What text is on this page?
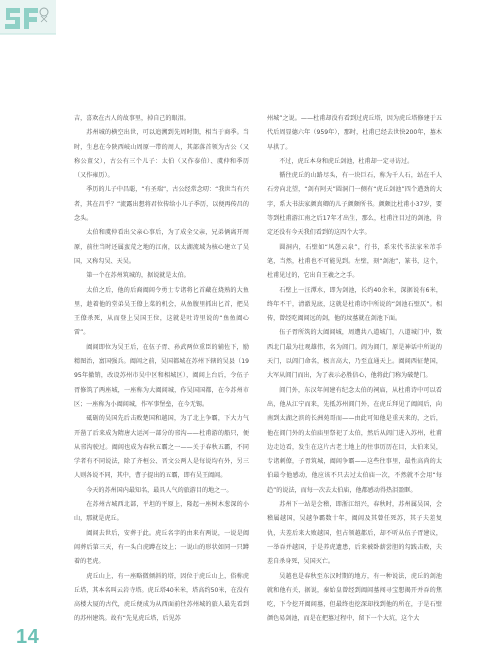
吉，喜欢在古人的故事里，掉自己的眼泪。

苏州城的横空出世，可以追溯到先周时期，相当于商季。当时，生息在今陕西岐山周原一带的周人，其部落首领为古公（又称公亶父），古公有三个儿子：太伯（又作泰伯）、虞仲和季历（又作雍历）。

季历的儿子中昌聪，“有圣瑞”，古公经常念叨：“我世当有兴者，其在昌乎？”流露出想将君位传给小儿子季历，以便再传昌的念头。

太伯和虞仲看出父亲心事后，为了成全父亲，兄弟俩离开周原，前往当时还属蛮荒之地的江南，以太湖流域为核心建立了吴国，又称勾吴、天吴。

第一个在苏州筑城的，据说就是太伯。

太伯之后，他的后裔阖闾令勇士专诸将匕首藏在烧熟的大鱼里，趁着他的堂弟吴王僚上菜的机会，从鱼腹里抓出匕首，把吴王僚杀死，从而登上吴国王位，这就是吐诗里说的“鱼鱼阖心雷”。

阖闾即位为吴王后，在伍子胥、孙武两位重臣的辅佐下，励精图治，富国强兵。阖闾之前，吴国都城在苏州下辖的吴县（1995年撤销，改设苏州市吴中区和相城区），阖闾上台后，令伍子胥修筑了两座城，一座称为大阖闾城，作吴国国都，在今苏州市区；一座称为小阖闾城，作军事堡垒，在今无锡。

砥砺的吴国先后击败楚国和越国，为了北上争霸，下大力气开凿了后来成为隋唐大运河一部分的邗沟——杜甫游的船只，便从邗沟驶过。阖闾也成为春秋五霸之一——关于春秋五霸，不同学者有不同说法，除了齐桓公、晋文公两人是每说均有外，另三人则各说不同，其中，曹子提出的五霸，即有吴王阖闾。

今天的苏州国内最知名，最具人气的旅游目的地之一。

在苏州古城西北部，平坦的平原上，隆起一座树木葱深的小山，那就是虎丘。

阖闾去世后，安葬于此。虎丘名字的由来有两说，一说是阖闾葬后第三天，有一头白虎蹲在坟上；一说山的形状如同一只蹲着的老虎。

虎丘山上，有一座略微倾斜的塔，因位于虎丘山上，俗称虎丘塔，其本名叫云岩寺塔。虎丘塔40米米，塔高约50米，在没有高楼大厦的古代，虎丘便成为从西面前往苏州城的旅人最先看到的苏州建筑。故有“先见虎丘塔，后见苏

州城”之说。——杜甫却没有看到过虎丘塔，因为虎丘塔修建于五代后周显德六年（959年），那时，杜甫已经去世快200年，墓木早拱了。

不过，虎丘本身和虎丘剑池，杜甫却一定寻访过。

循往虎丘的山路尽头，有一块巨石，称为千人石，站在千人石旁向北望，“剑有阿天”圆洞门一侧有“虎丘剑池”四个遒劲的大字，系大书法家颜真卿的儿子颜颇所书。颜颇比杜甫小37岁，要等到杜甫游江南之后17年才出生，那么，杜甫注目过的剑池，肯定还没有今天我们看到的这四个大字。

圆洞内，石壁如“风憩云泉”，行书，系宋代书法家米芾手笔，当然，杜甫也不可能见到。左壁，刻“剑池”，篆书，这个，杜甫见过的，它出自王羲之之手。

石壁上一汪潭水，即为剑池，长约40余米，深据说有6米，终年不干，清澈见底，这就是杜甫诗中所说的“剑池石壁仄”。相传，曾经吃阖闾远的剑，他的坟墓就在剑池下面。

伍子胥所筑的大阖闾城，周遭共八道城门，八道城门中，数西北门最为壮观雄伟，名为阊门。阊为阊门，原是神话中所说的天门，以阊门命名，极言高大，乃至直通天上。阖闾西征楚国，大军从阊门而出，为了表示必胜信心，他将此门称为破楚门。

阊门外，东汉年间建有纪念太伯的祠庙，从杜甫诗中可以看出，他从江宁而来，先抵苏州阊门外，在虎丘拜见了阖闾后，向南到太湖之滨的长洲苑哥而——由此可知他是重天来的，之后，他在阊门外的太伯庙里祭祀了太伯，然后从阊门进入苏州，杜甫边走边看，发生在这片古老土地上的往事历历在目，太伯来吴，专诸刺僚，子胥筑城，阖闾争霸——这些往事里，最性高尚的太伯最令他感动，他应该不只去过太伯庙一次，不然就不会用“每趋”的说法，而每一次去太伯庙，他都感动得热泪盈眶。

苏州下一站是会稽，即浙江绍兴，春秋时，苏州属吴国，会稽属越国，吴越争霸数十年，阖闾及其曾任死苏，其子夫差复仇，夫差后来大败越国，但占领越都后，却不听从伍子胥建议，一举吞并越国，于是养虎遗患，后来被卧薪尝胆的勾践击败，夫差自杀身死，吴国灭亡。

吴越也是春秋至东汉时期的地方，有一种说法，虎丘的剑池就和他有关，据说，秦始皇曾经到阖闾墓闯寻宝想揭开并吞的焦吃，下令挖开阖闾墓，但最终也挖深却找到他的所在，于是石壁颜色易剑池，而是在把墓过程中，留下一个大坑，这个大

14
